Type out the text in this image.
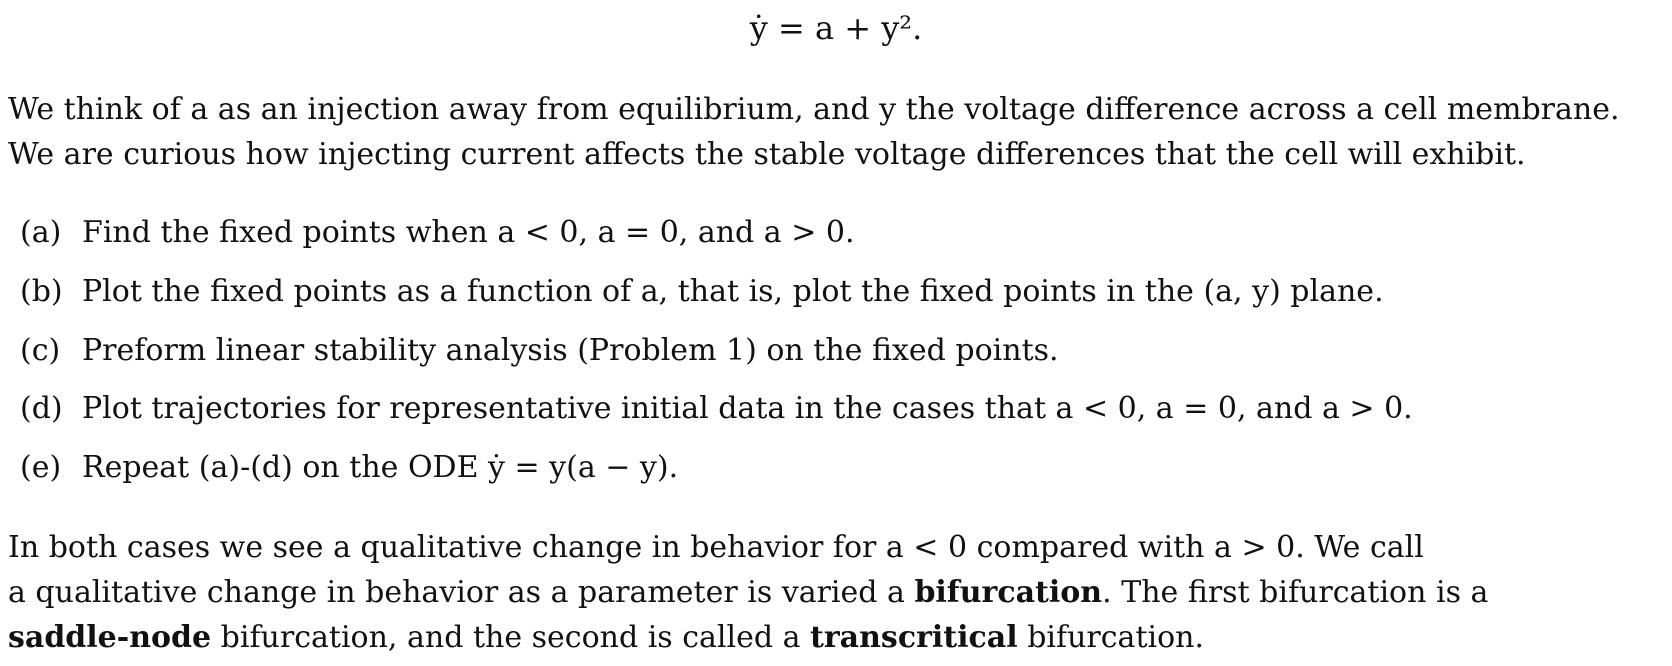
ẏ = a + y².
We think of a as an injection away from equilibrium, and y the voltage difference across a cell membrane.
We are curious how injecting current affects the stable voltage differences that the cell will exhibit.
(a) Find the fixed points when a < 0, a = 0, and a > 0.
(b) Plot the fixed points as a function of a, that is, plot the fixed points in the (a, y) plane.
(c) Preform linear stability analysis (Problem 1) on the fixed points.
(d) Plot trajectories for representative initial data in the cases that a < 0, a = 0, and a > 0.
(e) Repeat (a)-(d) on the ODE ẏ = y(a − y).
In both cases we see a qualitative change in behavior for a < 0 compared with a > 0. We call
a qualitative change in behavior as a parameter is varied a bifurcation. The first bifurcation is a
saddle-node bifurcation, and the second is called a transcritical bifurcation.
